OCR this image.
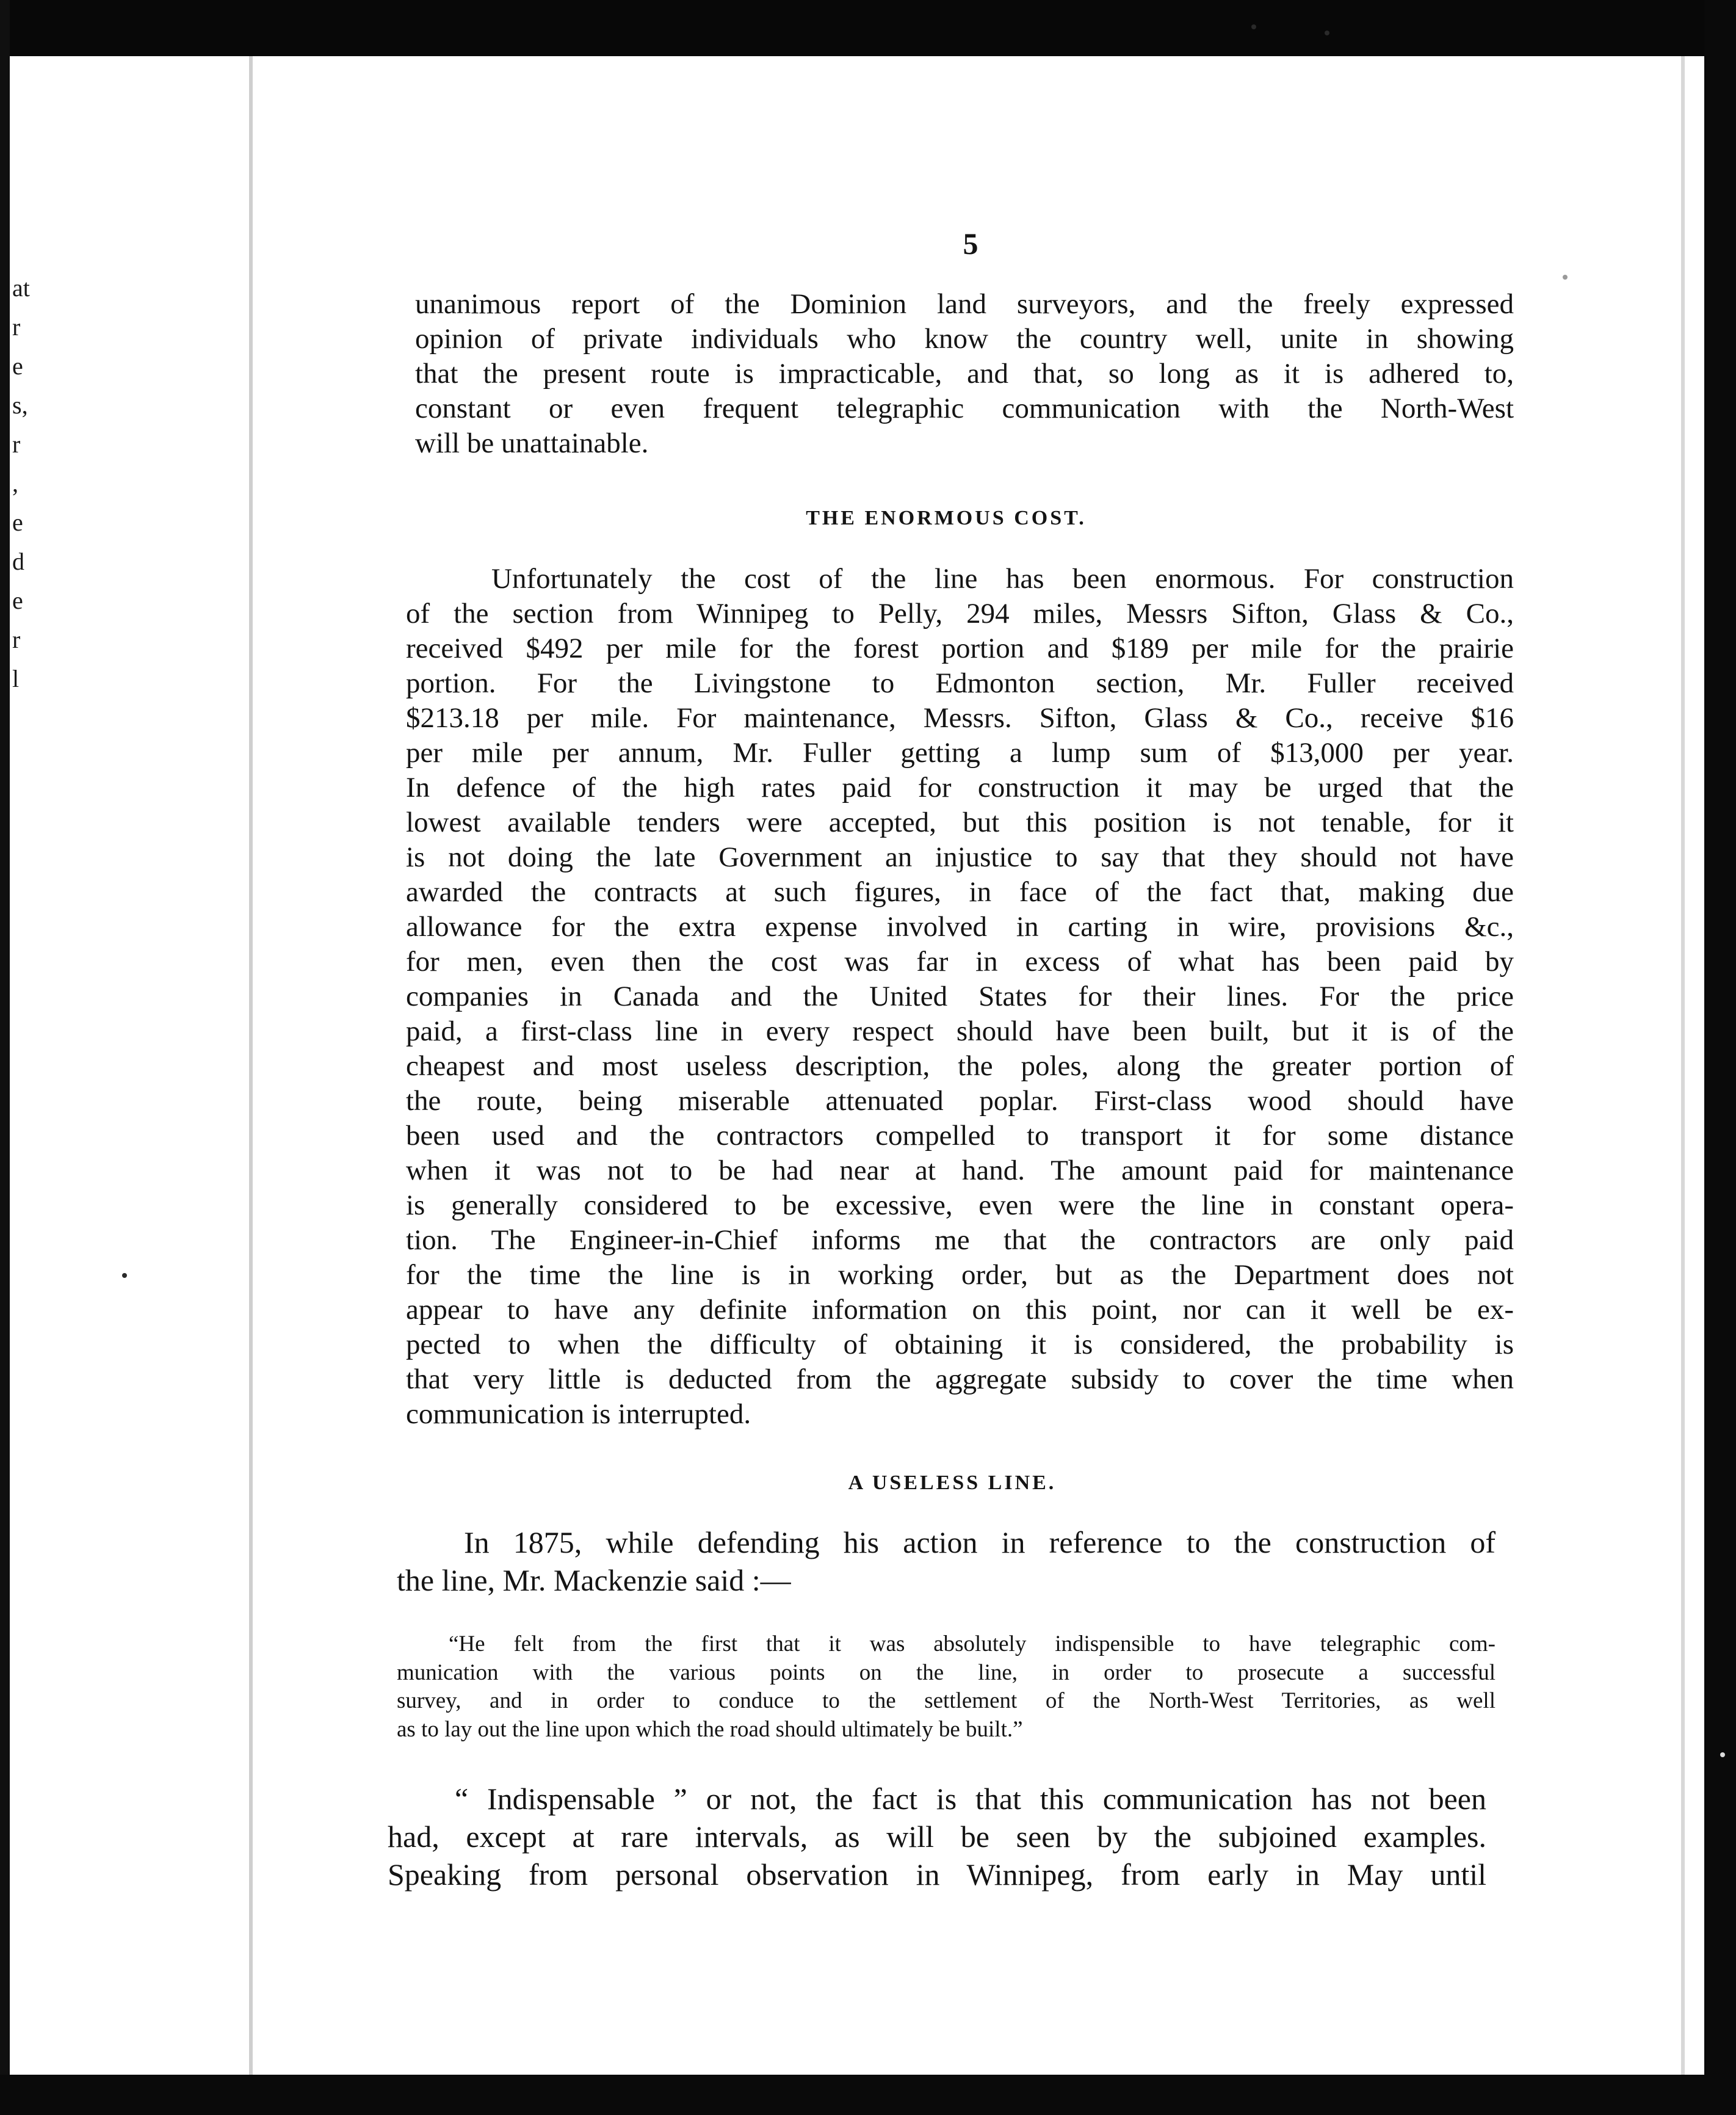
at
r
e
s,
r
,
e
d
e
r
l
5
unanimous report of the Dominion land surveyors, and the freely expressed
opinion of private individuals who know the country well, unite in showing
that the present route is impracticable, and that, so long as it is adhered to,
constant or even frequent telegraphic communication with the North-West
will be unattainable.
THE ENORMOUS COST.
Unfortunately the cost of the line has been enormous. For construction
of the section from Winnipeg to Pelly, 294 miles, Messrs Sifton, Glass & Co.,
received $492 per mile for the forest portion and $189 per mile for the prairie
portion. For the Livingstone to Edmonton section, Mr. Fuller received
$213.18 per mile. For maintenance, Messrs. Sifton, Glass & Co., receive $16
per mile per annum, Mr. Fuller getting a lump sum of $13,000 per year.
In defence of the high rates paid for construction it may be urged that the
lowest available tenders were accepted, but this position is not tenable, for it
is not doing the late Government an injustice to say that they should not have
awarded the contracts at such figures, in face of the fact that, making due
allowance for the extra expense involved in carting in wire, provisions &c.,
for men, even then the cost was far in excess of what has been paid by
companies in Canada and the United States for their lines. For the price
paid, a first-class line in every respect should have been built, but it is of the
cheapest and most useless description, the poles, along the greater portion of
the route, being miserable attenuated poplar. First-class wood should have
been used and the contractors compelled to transport it for some distance
when it was not to be had near at hand. The amount paid for maintenance
is generally considered to be excessive, even were the line in constant opera-
tion. The Engineer-in-Chief informs me that the contractors are only paid
for the time the line is in working order, but as the Department does not
appear to have any definite information on this point, nor can it well be ex-
pected to when the difficulty of obtaining it is considered, the probability is
that very little is deducted from the aggregate subsidy to cover the time when
communication is interrupted.
A USELESS LINE.
In 1875, while defending his action in reference to the construction of
the line, Mr. Mackenzie said :—
“He felt from the first that it was absolutely indispensible to have telegraphic com-
munication with the various points on the line, in order to prosecute a successful
survey, and in order to conduce to the settlement of the North-West Territories, as well
as to lay out the line upon which the road should ultimately be built.”
“ Indispensable ” or not, the fact is that this communication has not been
had, except at rare intervals, as will be seen by the subjoined examples.
Speaking from personal observation in Winnipeg, from early in May until
